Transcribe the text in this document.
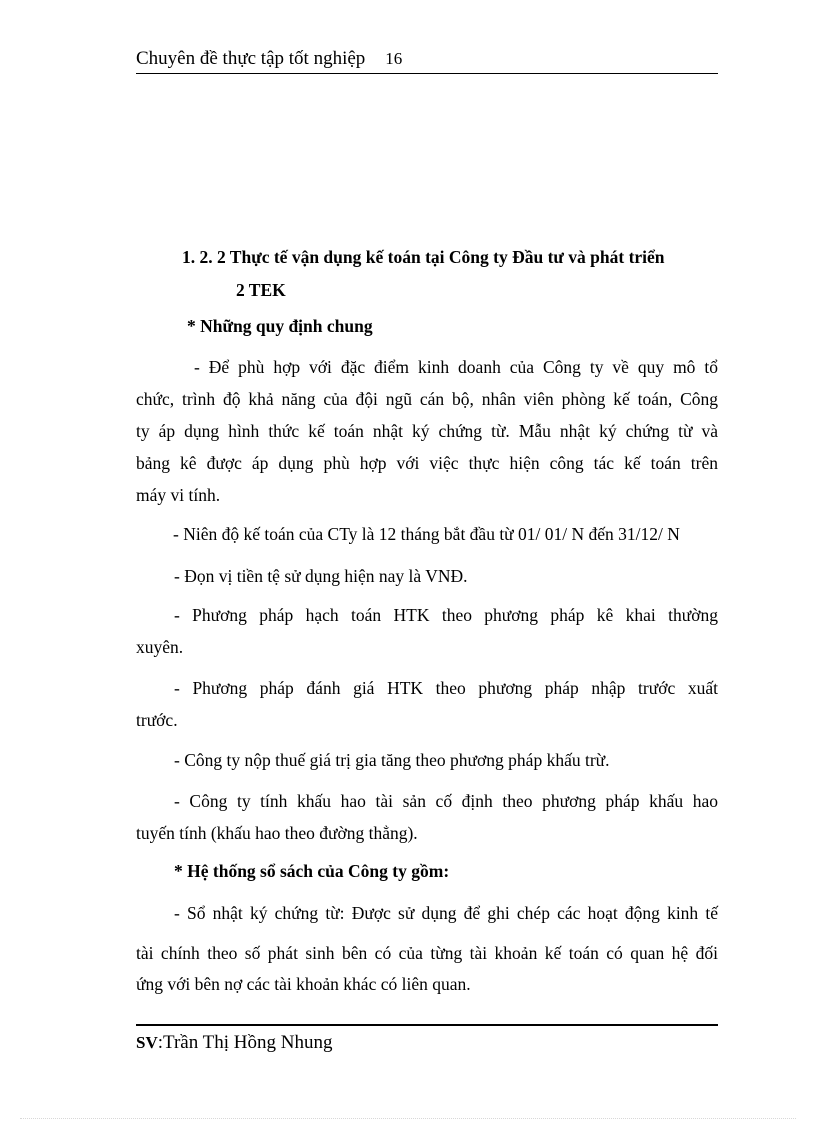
Chuyên đề thực tập tốt nghiệp 16
1. 2. 2 Thực tế vận dụng kế toán tại Công ty Đầu tư và phát triển
2 TEK
* Những quy định chung
- Để phù hợp với đặc điểm kinh doanh của Công ty về quy mô tổ
chức, trình độ khả năng của đội ngũ cán bộ, nhân viên phòng kế toán, Công
ty áp dụng hình thức kế toán nhật ký chứng từ. Mẫu nhật ký chứng từ và
bảng kê được áp dụng phù hợp với việc thực hiện công tác kế toán trên
máy vi tính.
- Niên độ kế toán của CTy là 12 tháng bắt đầu từ 01/ 01/ N đến 31/12/ N
- Đọn vị tiền tệ sử dụng hiện nay là VNĐ.
- Phương pháp hạch toán HTK theo phương pháp kê khai thường
xuyên.
- Phương pháp đánh giá HTK theo phương pháp nhập trước xuất
trước.
- Công ty nộp thuế giá trị gia tăng theo phương pháp khấu trừ.
- Công ty tính khấu hao tài sản cố định theo phương pháp khấu hao
tuyến tính (khấu hao theo đường thẳng).
* Hệ thống sổ sách của Công ty gồm:
- Sổ nhật ký chứng từ: Được sử dụng để ghi chép các hoạt động kinh tế
tài chính theo số phát sinh bên có của từng tài khoản kế toán có quan hệ đối
ứng với bên nợ các tài khoản khác có liên quan.
SV:Trần Thị Hồng Nhung
